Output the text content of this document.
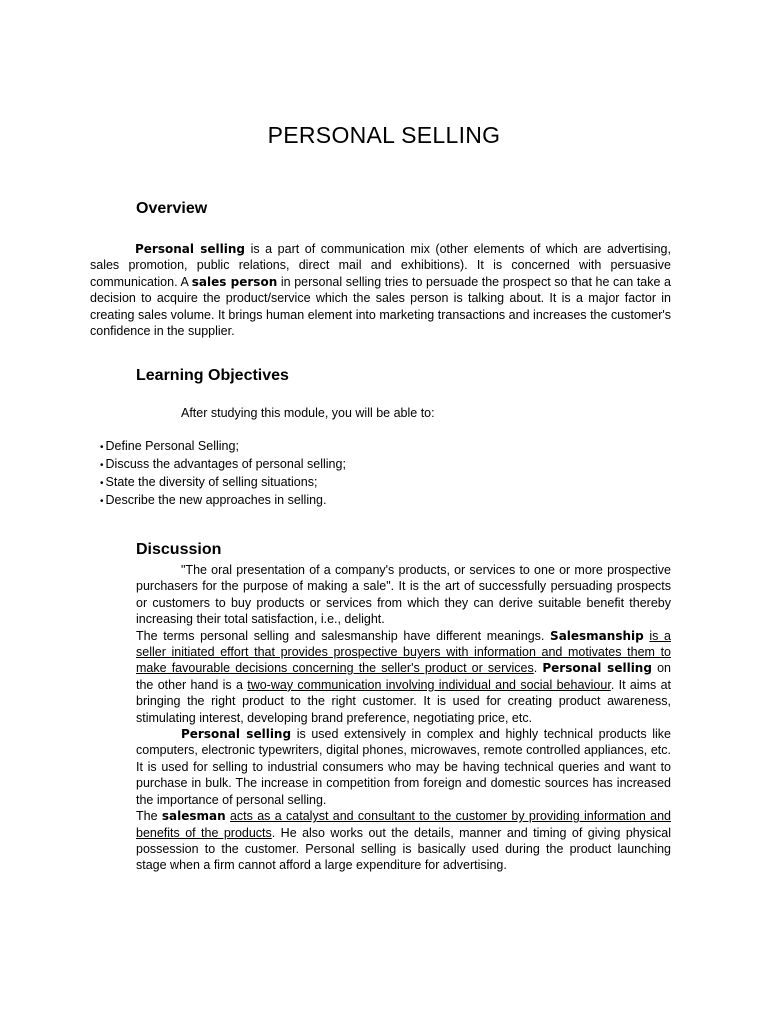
PERSONAL SELLING
Overview

Personal selling is a part of communication mix (other elements of which are advertising, sales promotion, public relations, direct mail and exhibitions). It is concerned with persuasive communication. A sales person in personal selling tries to persuade the prospect so that he can take a decision to acquire the product/service which the sales person is talking about. It is a major factor in creating sales volume. It brings human element into marketing transactions and increases the customer's confidence in the supplier.

Learning Objectives

After studying this module, you will be able to:

• Define Personal Selling;
• Discuss the advantages of personal selling;
• State the diversity of selling situations;
• Describe the new approaches in selling.
Discussion
"The oral presentation of a company's products, or services to one or more prospective purchasers for the purpose of making a sale". It is the art of successfully persuading prospects or customers to buy products or services from which they can derive suitable benefit thereby increasing their total satisfaction, i.e., delight.
The terms personal selling and salesmanship have different meanings. Salesmanship is a seller initiated effort that provides prospective buyers with information and motivates them to make favourable decisions concerning the seller's product or services. Personal selling on the other hand is a two-way communication involving individual and social behaviour. It aims at bringing the right product to the right customer. It is used for creating product awareness, stimulating interest, developing brand preference, negotiating price, etc.
Personal selling is used extensively in complex and highly technical products like computers, electronic typewriters, digital phones, microwaves, remote controlled appliances, etc. It is used for selling to industrial consumers who may be having technical queries and want to purchase in bulk. The increase in competition from foreign and domestic sources has increased the importance of personal selling.
The salesman acts as a catalyst and consultant to the customer by providing information and benefits of the products. He also works out the details, manner and timing of giving physical possession to the customer. Personal selling is basically used during the product launching stage when a firm cannot afford a large expenditure for advertising.
